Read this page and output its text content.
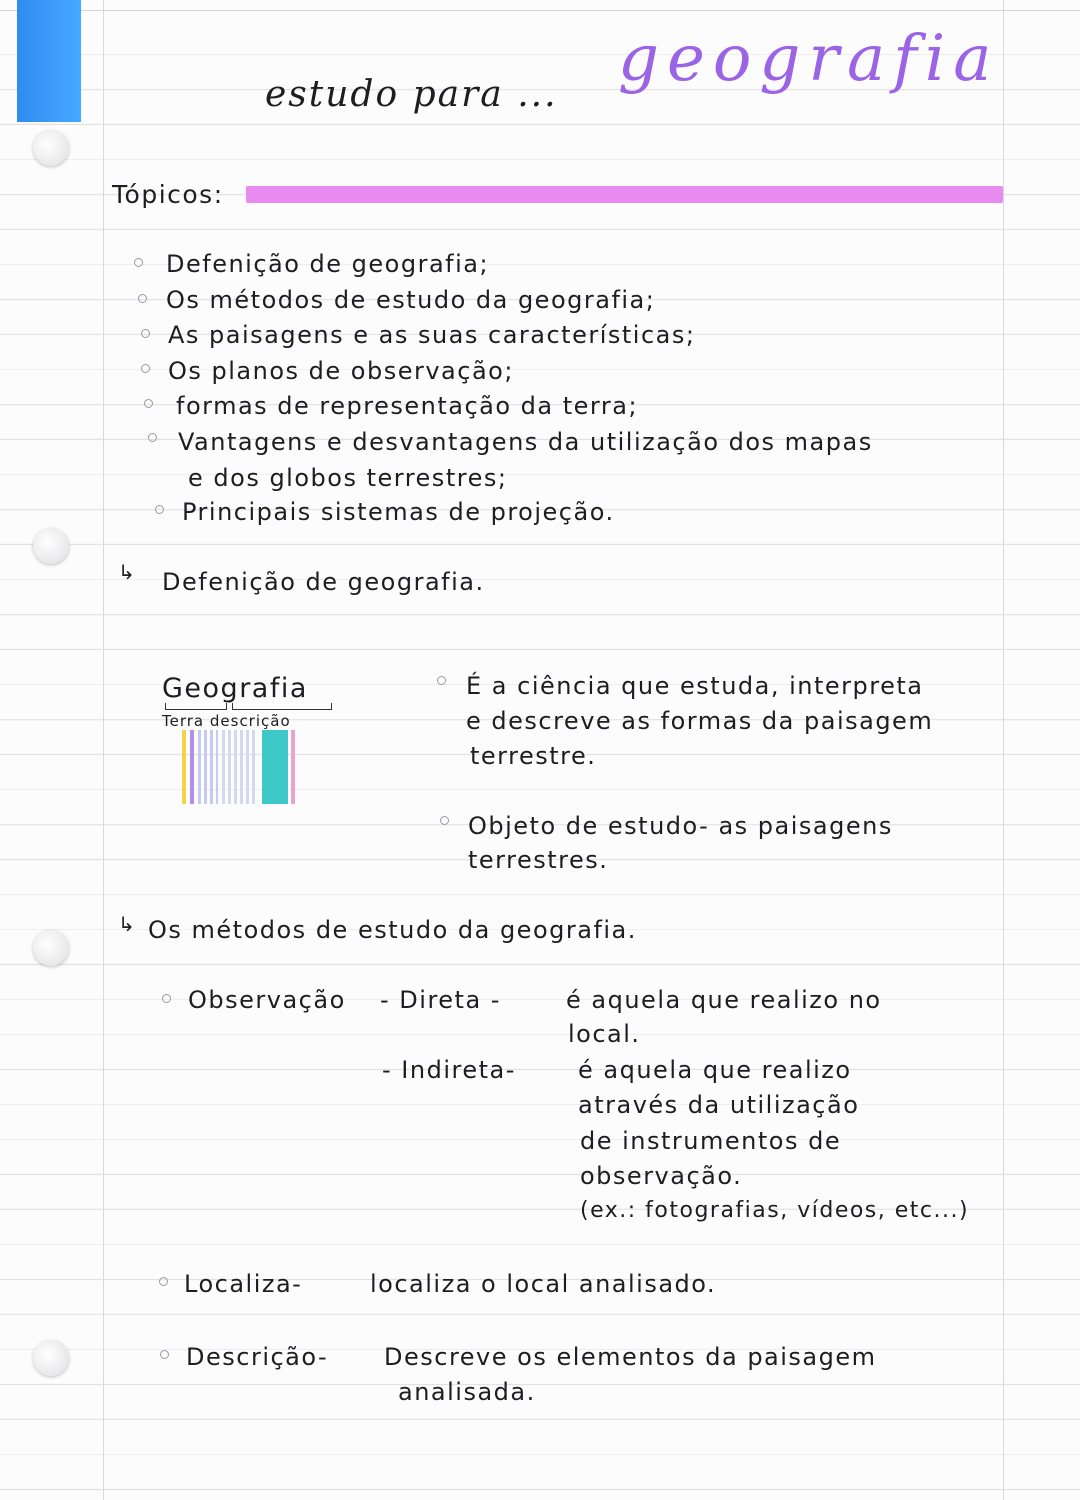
estudo para ... geografia
Tópicos:
Defenição de geografia;
Os métodos de estudo da geografia;
As paisagens e as suas características;
Os planos de observação;
formas de representação da terra;
Vantagens e desvantagens da utilização dos mapas
e dos globos terrestres;
Principais sistemas de projeção.
↳ Defenição de geografia.
Geografia
Terra descrição
É a ciência que estuda, interpreta
e descreve as formas da paisagem
terrestre.
Objeto de estudo- as paisagens
terrestres.
↳ Os métodos de estudo da geografia.
Observação - Direta -	é aquela que realizo no
local.
- Indireta-	é aquela que realizo
através da utilização
de instrumentos de
observação.
(ex.: fotografias, vídeos, etc...)
Localiza-	localiza o local analisado.
Descrição- Descreve os elementos da paisagem
analisada.
